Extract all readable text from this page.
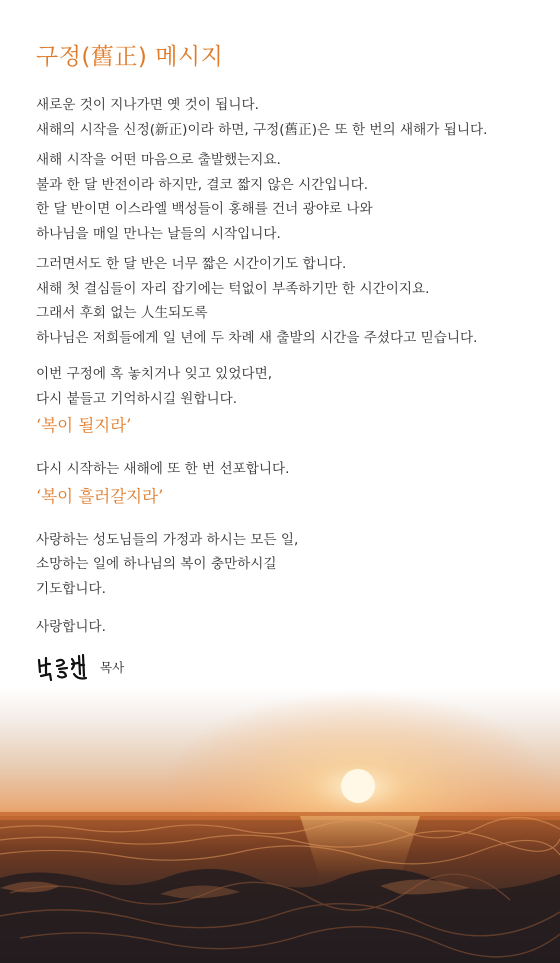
구정(舊正) 메시지

새로운 것이 지나가면 옛 것이 됩니다.
새해의 시작을 신정(新正)이라 하면, 구정(舊正)은 또 한 번의 새해가 됩니다.

새해 시작을 어떤 마음으로 출발했는지요.
불과 한 달 반전이라 하지만, 결코 짧지 않은 시간입니다.
한 달 반이면 이스라엘 백성들이 홍해를 건너 광야로 나와
하나님을 매일 만나는 날들의 시작입니다.

그러면서도 한 달 반은 너무 짧은 시간이기도 합니다.
새해 첫 결심들이 자리 잡기에는 턱없이 부족하기만 한 시간이지요.
그래서 후회 없는 人生되도록
하나님은 저희들에게 일 년에 두 차례 새 출발의 시간을 주셨다고 믿습니다.

이번 구정에 혹 놓치거나 잊고 있었다면,
다시 붙들고 기억하시길 원합니다.

‘복이 될지라’

다시 시작하는 새해에 또 한 번 선포합니다.

‘복이 흘러갈지라’

사랑하는 성도님들의 가정과 하시는 모든 일,
소망하는 일에 하나님의 복이 충만하시길
기도합니다.

사랑합니다.

목사
